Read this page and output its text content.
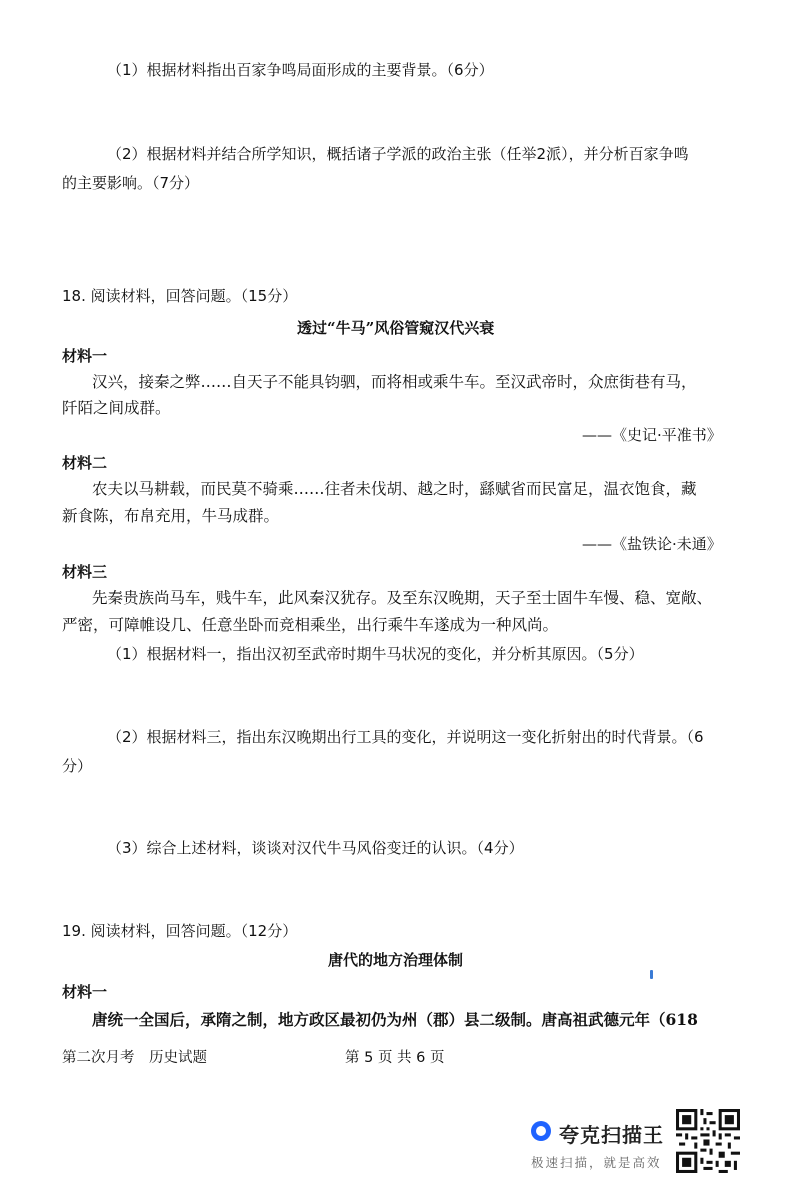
（1）根据材料指出百家争鸣局面形成的主要背景。（6分）
（2）根据材料并结合所学知识，概括诸子学派的政治主张（任举2派），并分析百家争鸣
的主要影响。（7分）
18. 阅读材料，回答问题。（15分）
透过“牛马”风俗管窥汉代兴衰
材料一
汉兴，接秦之弊……自天子不能具钧驷，而将相或乘牛车。至汉武帝时，众庶街巷有马，
阡陌之间成群。
——《史记·平准书》
材料二
农夫以马耕载，而民莫不骑乘……往者未伐胡、越之时，繇赋省而民富足，温衣饱食，藏
新食陈，布帛充用，牛马成群。
——《盐铁论·未通》
材料三
先秦贵族尚马车，贱牛车，此风秦汉犹存。及至东汉晚期，天子至士固牛车慢、稳、宽敞、
严密，可障帷设几、任意坐卧而竞相乘坐，出行乘牛车遂成为一种风尚。
（1）根据材料一，指出汉初至武帝时期牛马状况的变化，并分析其原因。（5分）
（2）根据材料三，指出东汉晚期出行工具的变化，并说明这一变化折射出的时代背景。（6
分）
（3）综合上述材料，谈谈对汉代牛马风俗变迁的认识。（4分）
19. 阅读材料，回答问题。（12分）
唐代的地方治理体制
材料一
唐统一全国后，承隋之制，地方政区最初仍为州（郡）县二级制。唐高祖武德元年（618
第二次月考　历史试题	第 5 页 共 6 页
夸克扫描王
极速扫描，就是高效
